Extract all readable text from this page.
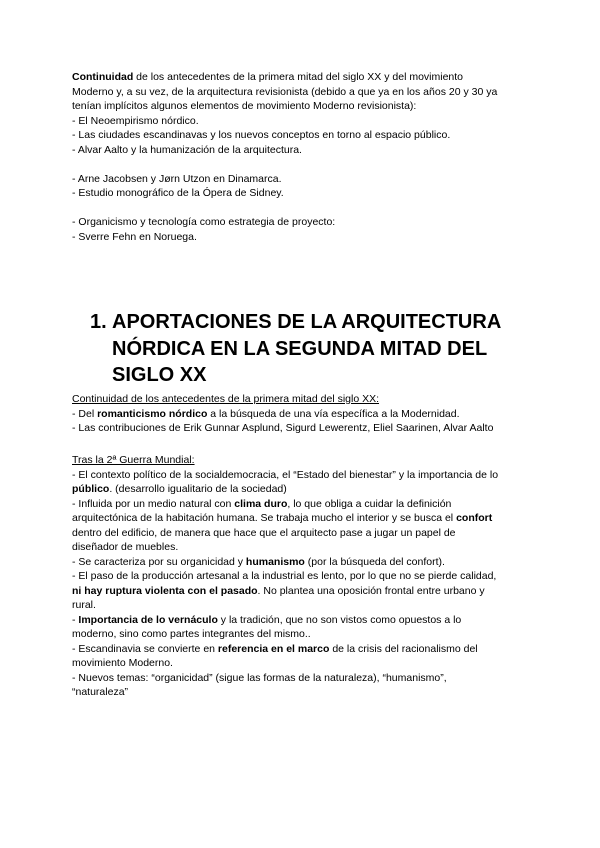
Continuidad de los antecedentes de la primera mitad del siglo XX y del movimiento
Moderno y, a su vez, de la arquitectura revisionista (debido a que ya en los años 20 y 30 ya
tenían implícitos algunos elementos de movimiento Moderno revisionista):
- El Neoempirismo nórdico.
- Las ciudades escandinavas y los nuevos conceptos en torno al espacio público.
- Alvar Aalto y la humanización de la arquitectura.
- Arne Jacobsen y Jørn Utzon en Dinamarca.
- Estudio monográfico de la Ópera de Sidney.
- Organicismo y tecnología como estrategia de proyecto:
- Sverre Fehn en Noruega.
1. APORTACIONES DE LA ARQUITECTURA
NÓRDICA EN LA SEGUNDA MITAD DEL
SIGLO XX
Continuidad de los antecedentes de la primera mitad del siglo XX:
- Del romanticismo nórdico a la búsqueda de una vía específica a la Modernidad.
- Las contribuciones de Erik Gunnar Asplund, Sigurd Lewerentz, Eliel Saarinen, Alvar Aalto
Tras la 2ª Guerra Mundial:
- El contexto político de la socialdemocracia, el “Estado del bienestar” y la importancia de lo
público. (desarrollo igualitario de la sociedad)
- Influida por un medio natural con clima duro, lo que obliga a cuidar la definición
arquitectónica de la habitación humana. Se trabaja mucho el interior y se busca el confort
dentro del edificio, de manera que hace que el arquitecto pase a jugar un papel de
diseñador de muebles.
- Se caracteriza por su organicidad y humanismo (por la búsqueda del confort).
- El paso de la producción artesanal a la industrial es lento, por lo que no se pierde calidad,
ni hay ruptura violenta con el pasado. No plantea una oposición frontal entre urbano y
rural.
- Importancia de lo vernáculo y la tradición, que no son vistos como opuestos a lo
moderno, sino como partes integrantes del mismo..
- Escandinavia se convierte en referencia en el marco de la crisis del racionalismo del
movimiento Moderno.
- Nuevos temas: “organicidad” (sigue las formas de la naturaleza), “humanismo”,
“naturaleza”
